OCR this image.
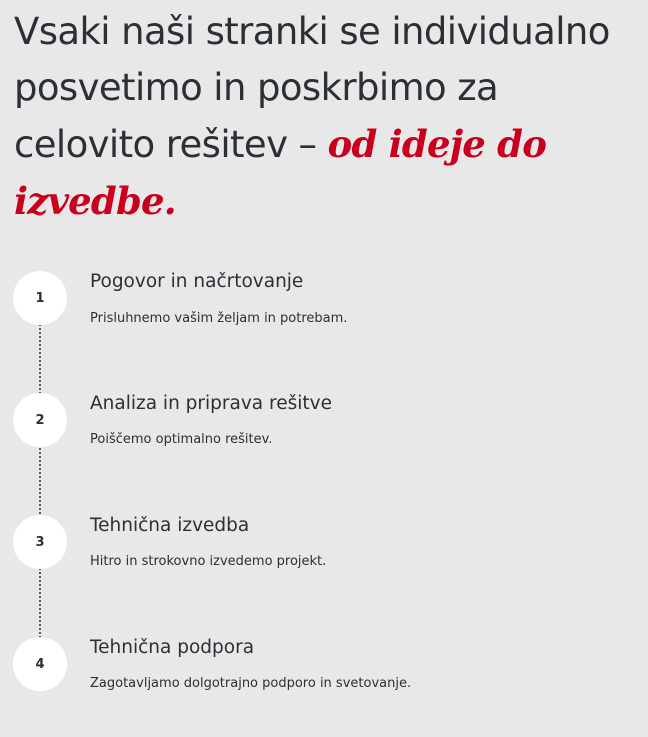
Vsaki naši stranki se individualno posvetimo in poskrbimo za celovito rešitev – od ideje do izvedbe.
1
Pogovor in načrtovanje
Prisluhnemo vašim željam in potrebam.
2
Analiza in priprava rešitve
Poiščemo optimalno rešitev.
3
Tehnična izvedba
Hitro in strokovno izvedemo projekt.
4
Tehnična podpora
Zagotavljamo dolgotrajno podporo in svetovanje.
